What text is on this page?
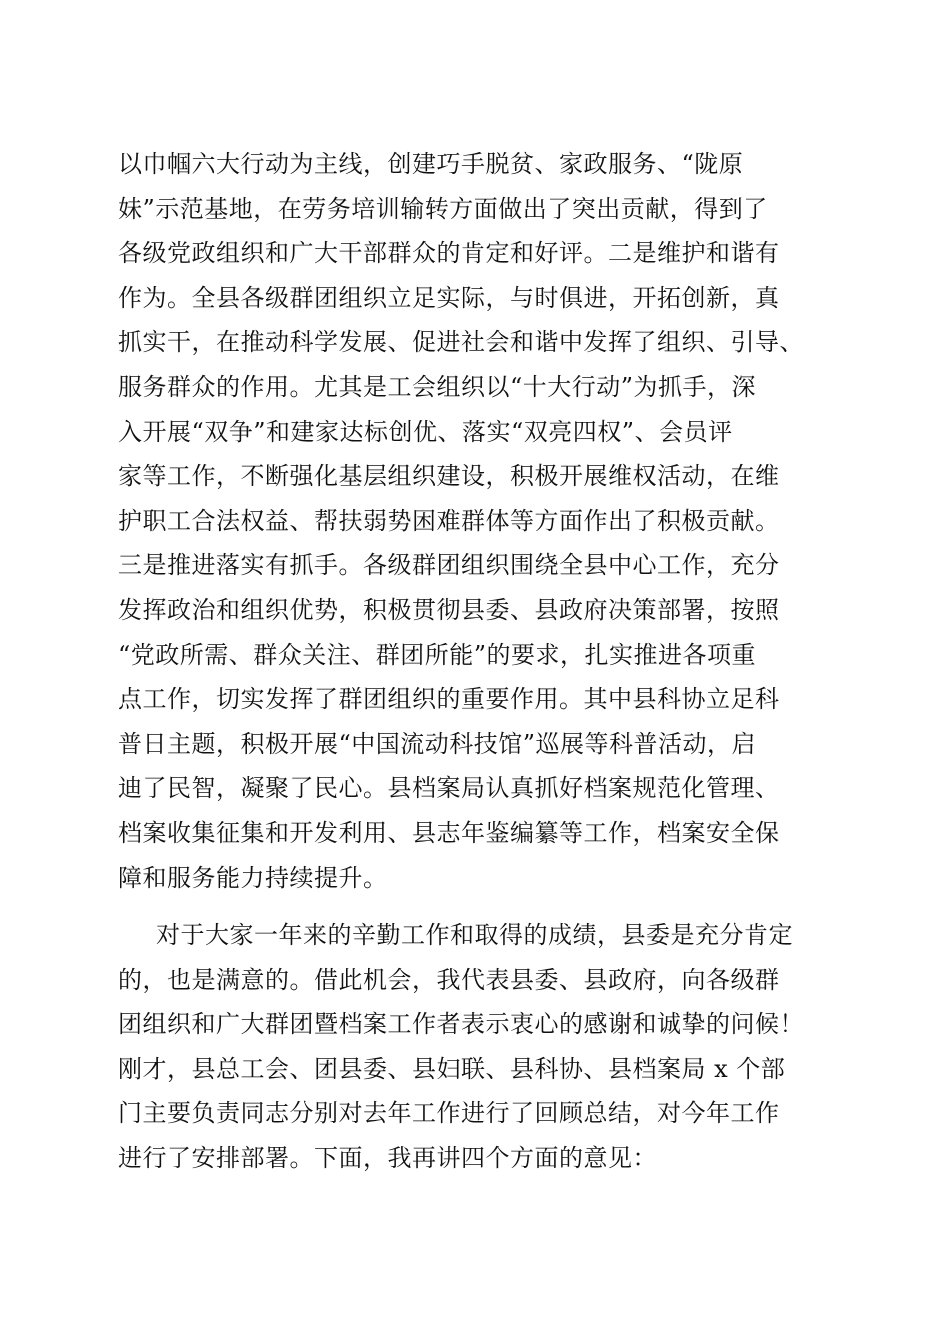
以巾帼六大行动为主线，创建巧手脱贫、家政服务、“陇原
妹”示范基地，在劳务培训输转方面做出了突出贡献，得到了
各级党政组织和广大干部群众的肯定和好评。二是维护和谐有
作为。全县各级群团组织立足实际，与时俱进，开拓创新，真
抓实干，在推动科学发展、促进社会和谐中发挥了组织、引导、
服务群众的作用。尤其是工会组织以“十大行动”为抓手，深
入开展“双争”和建家达标创优、落实“双亮四权”、会员评
家等工作，不断强化基层组织建设，积极开展维权活动，在维
护职工合法权益、帮扶弱势困难群体等方面作出了积极贡献。
三是推进落实有抓手。各级群团组织围绕全县中心工作，充分
发挥政治和组织优势，积极贯彻县委、县政府决策部署，按照
“党政所需、群众关注、群团所能”的要求，扎实推进各项重
点工作，切实发挥了群团组织的重要作用。其中县科协立足科
普日主题，积极开展“中国流动科技馆”巡展等科普活动，启
迪了民智，凝聚了民心。县档案局认真抓好档案规范化管理、
档案收集征集和开发利用、县志年鉴编纂等工作，档案安全保
障和服务能力持续提升。
对于大家一年来的辛勤工作和取得的成绩，县委是充分肯定
的，也是满意的。借此机会，我代表县委、县政府，向各级群
团组织和广大群团暨档案工作者表示衷心的感谢和诚挚的问候！
刚才，县总工会、团县委、县妇联、县科协、县档案局 x 个部
门主要负责同志分别对去年工作进行了回顾总结，对今年工作
进行了安排部署。下面，我再讲四个方面的意见：
